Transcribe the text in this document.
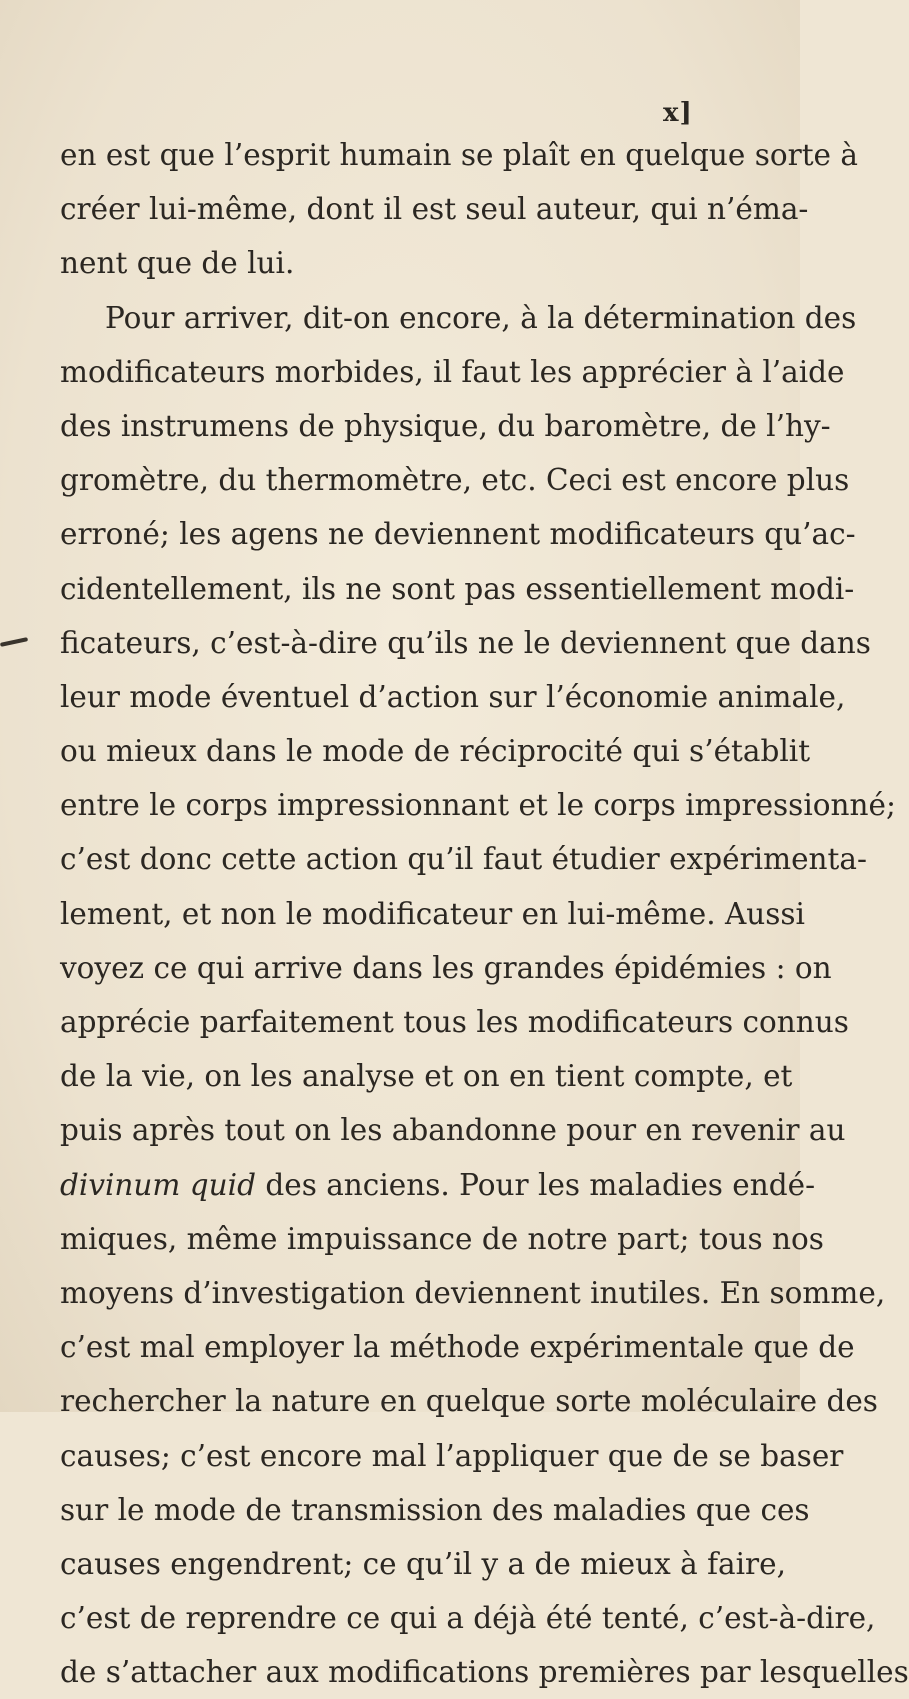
x]
en est que l’esprit humain se plaît en quelque sorte à
créer lui-même, dont il est seul auteur, qui n’éma-
nent que de lui.
Pour arriver, dit-on encore, à la détermination des
modificateurs morbides, il faut les apprécier à l’aide
des instrumens de physique, du baromètre, de l’hy-
gromètre, du thermomètre, etc. Ceci est encore plus
erroné; les agens ne deviennent modificateurs qu’ac-
cidentellement, ils ne sont pas essentiellement modi-
ficateurs, c’est-à-dire qu’ils ne le deviennent que dans
leur mode éventuel d’action sur l’économie animale,
ou mieux dans le mode de réciprocité qui s’établit
entre le corps impressionnant et le corps impressionné;
c’est donc cette action qu’il faut étudier expérimenta-
lement, et non le modificateur en lui-même. Aussi
voyez ce qui arrive dans les grandes épidémies : on
apprécie parfaitement tous les modificateurs connus
de la vie, on les analyse et on en tient compte, et
puis après tout on les abandonne pour en revenir au
divinum quid des anciens. Pour les maladies endé-
miques, même impuissance de notre part; tous nos
moyens d’investigation deviennent inutiles. En somme,
c’est mal employer la méthode expérimentale que de
rechercher la nature en quelque sorte moléculaire des
causes; c’est encore mal l’appliquer que de se baser
sur le mode de transmission des maladies que ces
causes engendrent; ce qu’il y a de mieux à faire,
c’est de reprendre ce qui a déjà été tenté, c’est-à-dire,
de s’attacher aux modifications premières par lesquelles
